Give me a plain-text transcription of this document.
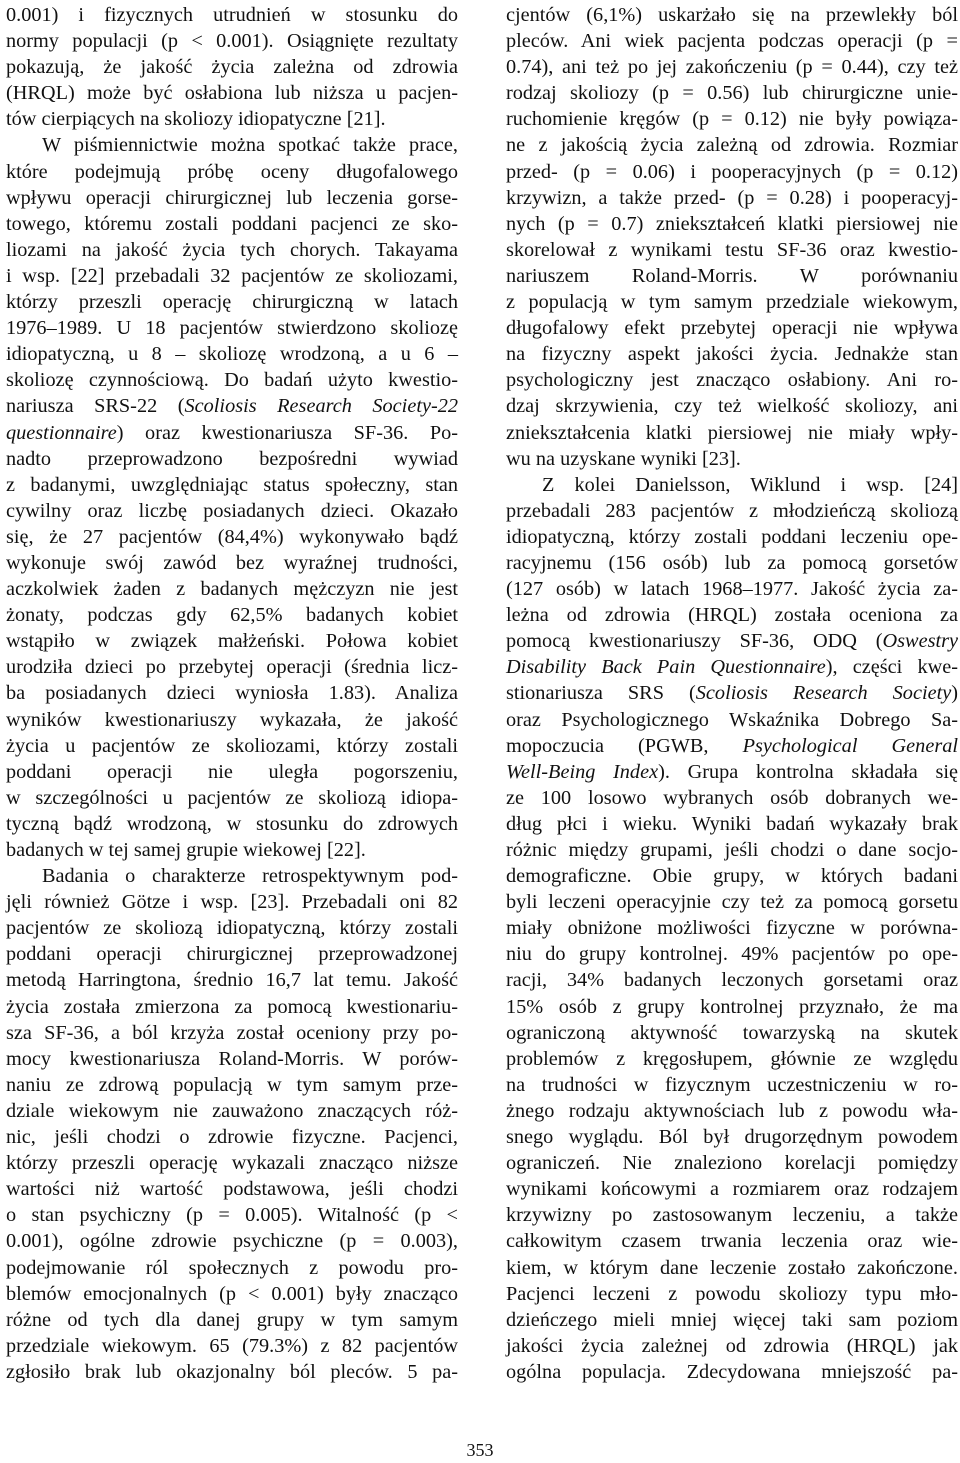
0.001) i fizycznych utrudnień w stosunku do
normy populacji (p < 0.001). Osiągnięte rezultaty
pokazują, że jakość życia zależna od zdrowia
(HRQL) może być osłabiona lub niższa u pacjen-
tów cierpiących na skoliozy idiopatyczne [21].
W piśmiennictwie można spotkać także prace,
które podejmują próbę oceny długofalowego
wpływu operacji chirurgicznej lub leczenia gorse-
towego, któremu zostali poddani pacjenci ze sko-
liozami na jakość życia tych chorych. Takayama
i wsp. [22] przebadali 32 pacjentów ze skoliozami,
którzy przeszli operację chirurgiczną w latach
1976–1989. U 18 pacjentów stwierdzono skoliozę
idiopatyczną, u 8 – skoliozę wrodzoną, a u 6 –
skoliozę czynnościową. Do badań użyto kwestio-
nariusza SRS-22 (Scoliosis Research Society-22
questionnaire) oraz kwestionariusza SF-36. Po-
nadto przeprowadzono bezpośredni wywiad
z badanymi, uwzględniając status społeczny, stan
cywilny oraz liczbę posiadanych dzieci. Okazało
się, że 27 pacjentów (84,4%) wykonywało bądź
wykonuje swój zawód bez wyraźnej trudności,
aczkolwiek żaden z badanych mężczyzn nie jest
żonaty, podczas gdy 62,5% badanych kobiet
wstąpiło w związek małżeński. Połowa kobiet
urodziła dzieci po przebytej operacji (średnia licz-
ba posiadanych dzieci wyniosła 1.83). Analiza
wyników kwestionariuszy wykazała, że jakość
życia u pacjentów ze skoliozami, którzy zostali
poddani operacji nie uległa pogorszeniu,
w szczególności u pacjentów ze skoliozą idiopa-
tyczną bądź wrodzoną, w stosunku do zdrowych
badanych w tej samej grupie wiekowej [22].
Badania o charakterze retrospektywnym pod-
jęli również Götze i wsp. [23]. Przebadali oni 82
pacjentów ze skoliozą idiopatyczną, którzy zostali
poddani operacji chirurgicznej przeprowadzonej
metodą Harringtona, średnio 16,7 lat temu. Jakość
życia została zmierzona za pomocą kwestionariu-
sza SF-36, a ból krzyża został oceniony przy po-
mocy kwestionariusza Roland-Morris. W porów-
naniu ze zdrową populacją w tym samym prze-
dziale wiekowym nie zauważono znaczących róż-
nic, jeśli chodzi o zdrowie fizyczne. Pacjenci,
którzy przeszli operację wykazali znacząco niższe
wartości niż wartość podstawowa, jeśli chodzi
o stan psychiczny (p = 0.005). Witalność (p <
0.001), ogólne zdrowie psychiczne (p = 0.003),
podejmowanie ról społecznych z powodu pro-
blemów emocjonalnych (p < 0.001) były znacząco
różne od tych dla danej grupy w tym samym
przedziale wiekowym. 65 (79.3%) z 82 pacjentów
zgłosiło brak lub okazjonalny ból pleców. 5 pa-
cjentów (6,1%) uskarżało się na przewlekły ból
pleców. Ani wiek pacjenta podczas operacji (p =
0.74), ani też po jej zakończeniu (p = 0.44), czy też
rodzaj skoliozy (p = 0.56) lub chirurgiczne unie-
ruchomienie kręgów (p = 0.12) nie były powiąza-
ne z jakością życia zależną od zdrowia. Rozmiar
przed- (p = 0.06) i pooperacyjnych (p = 0.12)
krzywizn, a także przed- (p = 0.28) i pooperacyj-
nych (p = 0.7) zniekształceń klatki piersiowej nie
skorelował z wynikami testu SF-36 oraz kwestio-
nariuszem Roland-Morris. W porównaniu
z populacją w tym samym przedziale wiekowym,
długofalowy efekt przebytej operacji nie wpływa
na fizyczny aspekt jakości życia. Jednakże stan
psychologiczny jest znacząco osłabiony. Ani ro-
dzaj skrzywienia, czy też wielkość skoliozy, ani
zniekształcenia klatki piersiowej nie miały wpły-
wu na uzyskane wyniki [23].
Z kolei Danielsson, Wiklund i wsp. [24]
przebadali 283 pacjentów z młodzieńczą skoliozą
idiopatyczną, którzy zostali poddani leczeniu ope-
racyjnemu (156 osób) lub za pomocą gorsetów
(127 osób) w latach 1968–1977. Jakość życia za-
leżna od zdrowia (HRQL) została oceniona za
pomocą kwestionariuszy SF-36, ODQ (Oswestry
Disability Back Pain Questionnaire), części kwe-
stionariusza SRS (Scoliosis Research Society)
oraz Psychologicznego Wskaźnika Dobrego Sa-
mopoczucia (PGWB, Psychological General
Well-Being Index). Grupa kontrolna składała się
ze 100 losowo wybranych osób dobranych we-
dług płci i wieku. Wyniki badań wykazały brak
różnic między grupami, jeśli chodzi o dane socjo-
demograficzne. Obie grupy, w których badani
byli leczeni operacyjnie czy też za pomocą gorsetu
miały obniżone możliwości fizyczne w porówna-
niu do grupy kontrolnej. 49% pacjentów po ope-
racji, 34% badanych leczonych gorsetami oraz
15% osób z grupy kontrolnej przyznało, że ma
ograniczoną aktywność towarzyską na skutek
problemów z kręgosłupem, głównie ze względu
na trudności w fizycznym uczestniczeniu w ro-
żnego rodzaju aktywnościach lub z powodu wła-
snego wyglądu. Ból był drugorzędnym powodem
ograniczeń. Nie znaleziono korelacji pomiędzy
wynikami końcowymi a rozmiarem oraz rodzajem
krzywizny po zastosowanym leczeniu, a także
całkowitym czasem trwania leczenia oraz wie-
kiem, w którym dane leczenie zostało zakończone.
Pacjenci leczeni z powodu skoliozy typu mło-
dzieńczego mieli mniej więcej taki sam poziom
jakości życia zależnej od zdrowia (HRQL) jak
ogólna populacja. Zdecydowana mniejszość pa-
353
